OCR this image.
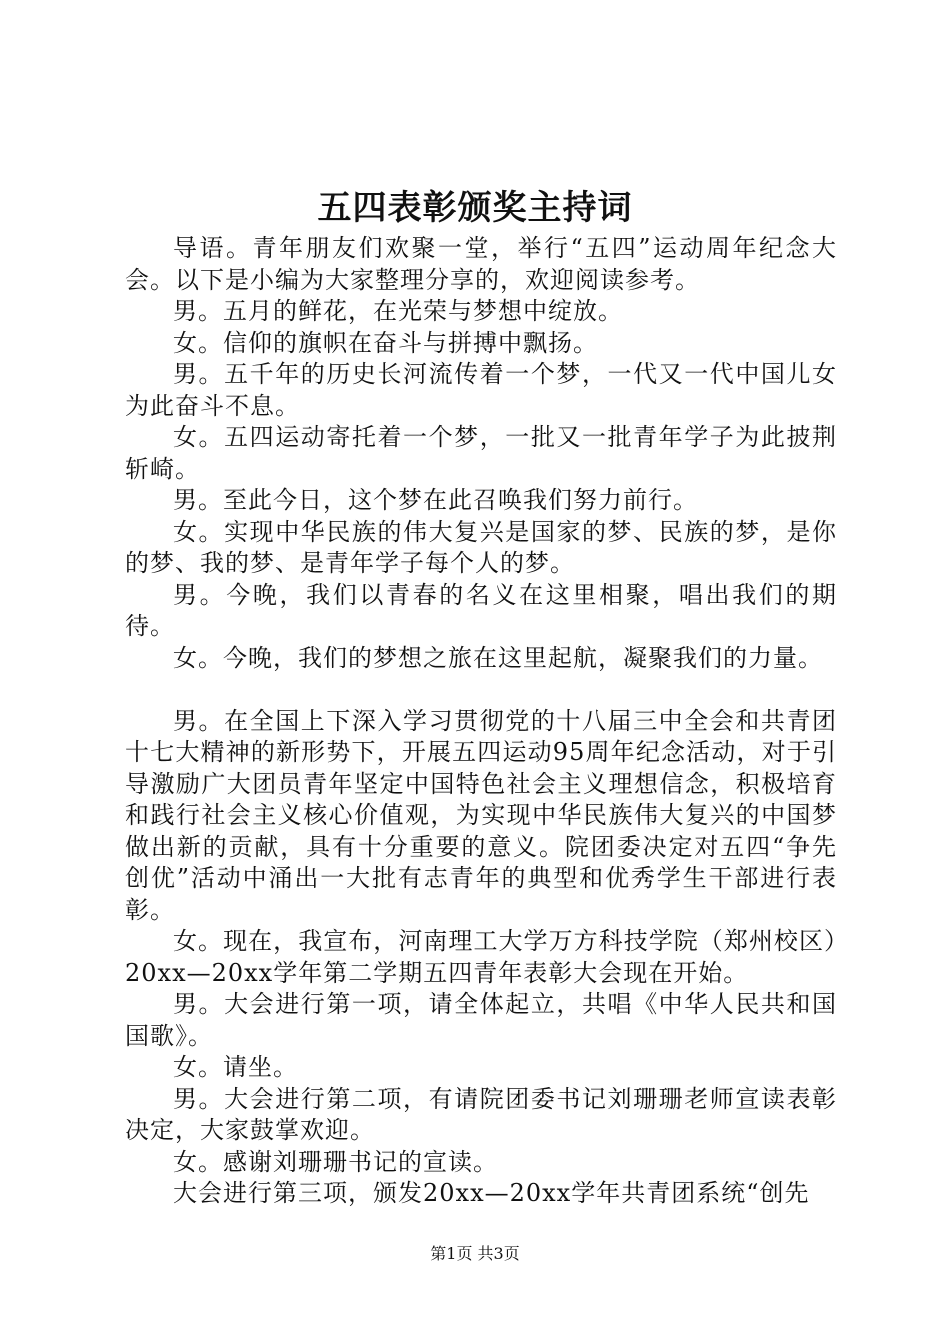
五四表彰颁奖主持词

导语。青年朋友们欢聚一堂，举行“五四”运动周年纪念大会。以下是小编为大家整理分享的，欢迎阅读参考。

男。五月的鲜花，在光荣与梦想中绽放。

女。信仰的旗帜在奋斗与拼搏中飘扬。

男。五千年的历史长河流传着一个梦，一代又一代中国儿女为此奋斗不息。

女。五四运动寄托着一个梦，一批又一批青年学子为此披荆斩崎。

男。至此今日，这个梦在此召唤我们努力前行。

女。实现中华民族的伟大复兴是国家的梦、民族的梦，是你的梦、我的梦、是青年学子每个人的梦。

男。今晚，我们以青春的名义在这里相聚，唱出我们的期待。

女。今晚，我们的梦想之旅在这里起航，凝聚我们的力量。

男。在全国上下深入学习贯彻党的十八届三中全会和共青团十七大精神的新形势下，开展五四运动95周年纪念活动，对于引导激励广大团员青年坚定中国特色社会主义理想信念，积极培育和践行社会主义核心价值观，为实现中华民族伟大复兴的中国梦做出新的贡献，具有十分重要的意义。院团委决定对五四“争先创优”活动中涌出一大批有志青年的典型和优秀学生干部进行表彰。

女。现在，我宣布，河南理工大学万方科技学院（郑州校区）20xx—20xx学年第二学期五四青年表彰大会现在开始。

男。大会进行第一项，请全体起立，共唱《中华人民共和国国歌》。

女。请坐。

男。大会进行第二项，有请院团委书记刘珊珊老师宣读表彰决定，大家鼓掌欢迎。

女。感谢刘珊珊书记的宣读。

大会进行第三项，颁发20xx—20xx学年共青团系统“创先

第1页 共3页
